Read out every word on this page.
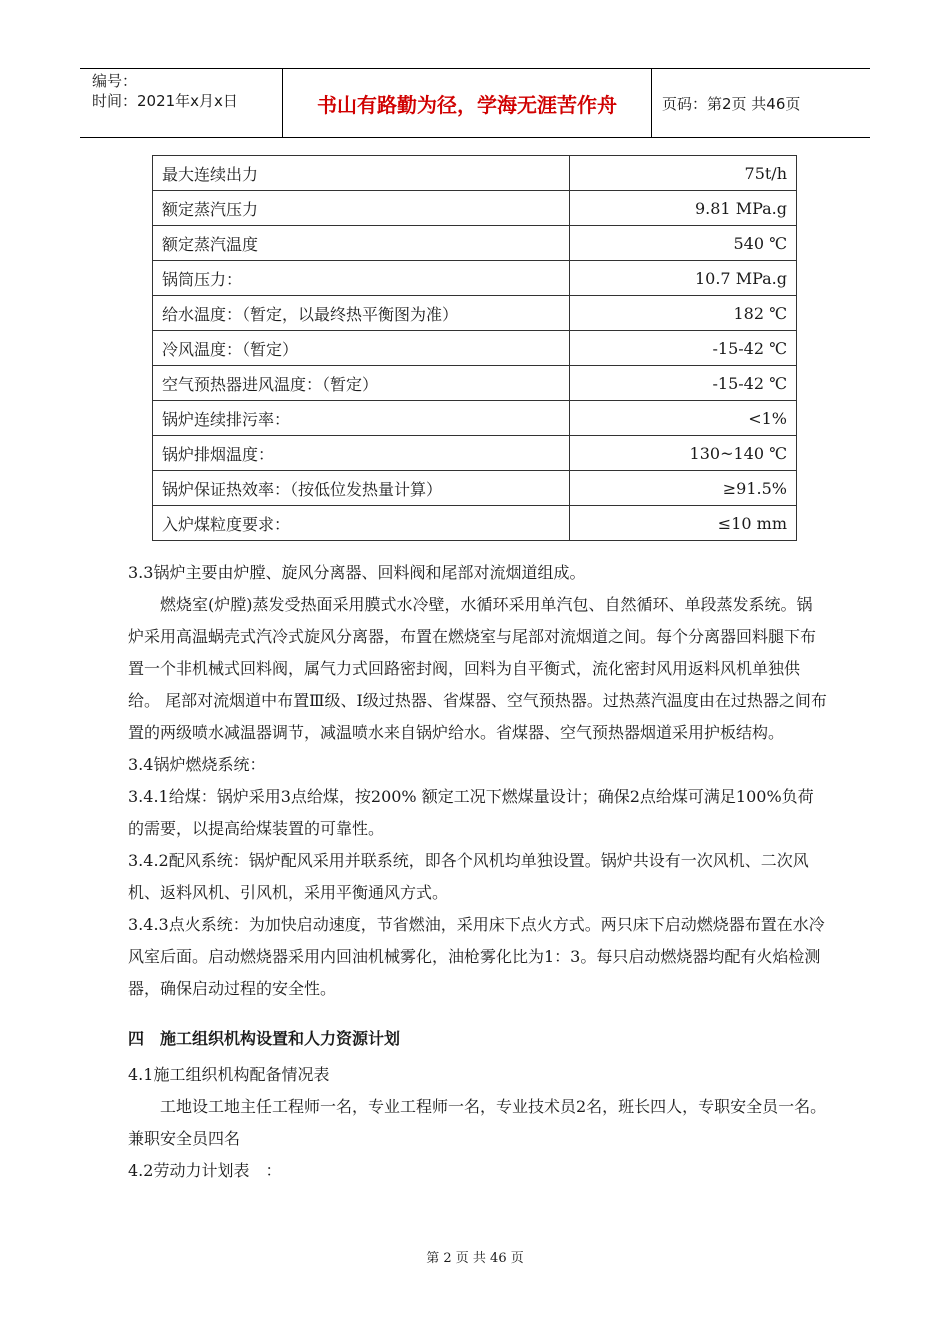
编号：
时间：2021年x月x日	书山有路勤为径，学海无涯苦作舟	页码：第2页 共46页
最大连续出力	75t/h
额定蒸汽压力	9.81 MPa.g
额定蒸汽温度	540 ℃
锅筒压力：	10.7 MPa.g
给水温度：（暂定，以最终热平衡图为准）	182 ℃
冷风温度：（暂定）	-15-42 ℃
空气预热器进风温度：（暂定）	-15-42 ℃
锅炉连续排污率：	<1%
锅炉排烟温度：	130~140 ℃
锅炉保证热效率：（按低位发热量计算）	≥91.5%
入炉煤粒度要求：	≤10 mm

3.3锅炉主要由炉膛、旋风分离器、回料阀和尾部对流烟道组成。

燃烧室(炉膛)蒸发受热面采用膜式水冷壁，水循环采用单汽包、自然循环、单段蒸发系统。锅炉采用高温蜗壳式汽冷式旋风分离器，布置在燃烧室与尾部对流烟道之间。每个分离器回料腿下布置一个非机械式回料阀，属气力式回路密封阀，回料为自平衡式，流化密封风用返料风机单独供给。 尾部对流烟道中布置Ⅲ级、Ⅰ级过热器、省煤器、空气预热器。过热蒸汽温度由在过热器之间布置的两级喷水减温器调节，减温喷水来自锅炉给水。省煤器、空气预热器烟道采用护板结构。

3.4锅炉燃烧系统：

3.4.1给煤：锅炉采用3点给煤，按200% 额定工况下燃煤量设计；确保2点给煤可满足100%负荷的需要，以提高给煤装置的可靠性。

3.4.2配风系统：锅炉配风采用并联系统，即各个风机均单独设置。锅炉共设有一次风机、二次风机、返料风机、引风机，采用平衡通风方式。

3.4.3点火系统：为加快启动速度，节省燃油，采用床下点火方式。两只床下启动燃烧器布置在水冷风室后面。启动燃烧器采用内回油机械雾化，油枪雾化比为1：3。每只启动燃烧器均配有火焰检测器，确保启动过程的安全性。

四　施工组织机构设置和人力资源计划

4.1施工组织机构配备情况表

工地设工地主任工程师一名，专业工程师一名，专业技术员2名，班长四人，专职安全员一名。兼职安全员四名

4.2劳动力计划表　：

第 2 页 共 46 页
